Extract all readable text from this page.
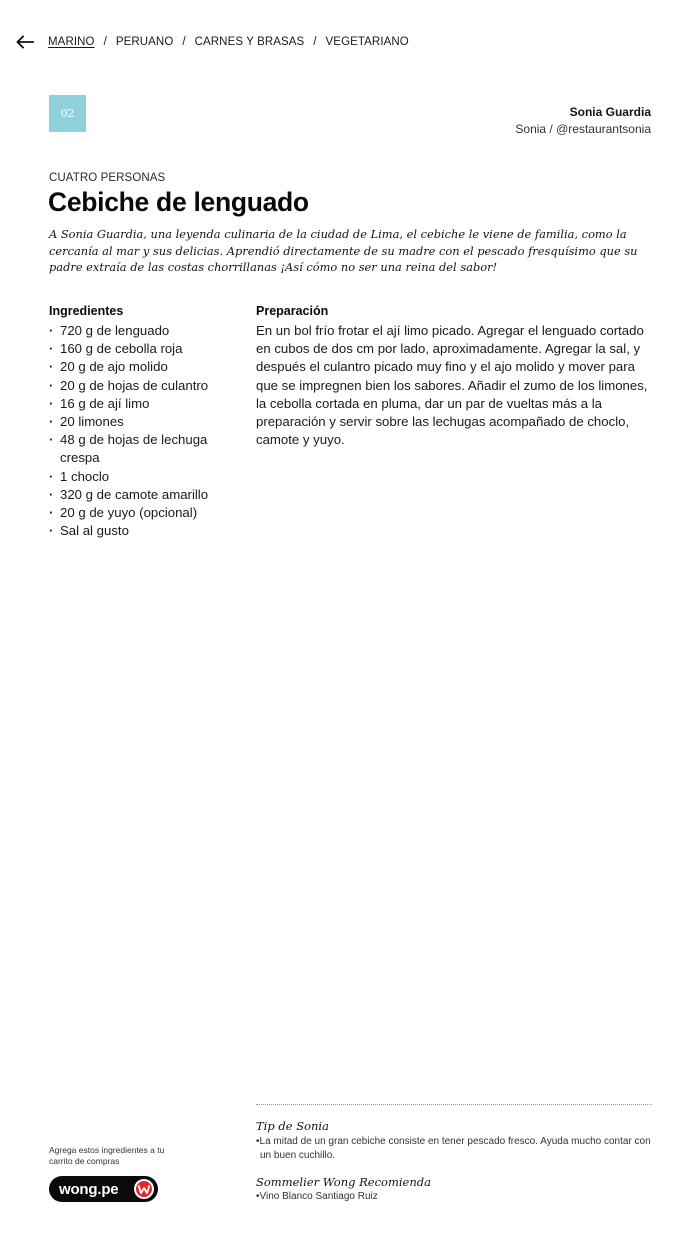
MARINO / PERUANO / CARNES Y BRASAS / VEGETARIANO
02	Sonia Guardia
Sonia / @restaurantsonia
CUATRO PERSONAS
Cebiche de lenguado

A Sonia Guardia, una leyenda culinaria de la ciudad de Lima, el cebiche le viene de familia, como la cercanía al mar y sus delicias. Aprendió directamente de su madre con el pescado fresquísimo que su padre extraía de las costas chorrillanas ¡Así cómo no ser una reina del sabor!

Ingredientes
· 720 g de lenguado
· 160 g de cebolla roja
· 20 g de ajo molido
· 20 g de hojas de culantro
· 16 g de ají limo
· 20 limones
· 48 g de hojas de lechuga crespa
· 1 choclo
· 320 g de camote amarillo
· 20 g de yuyo (opcional)
· Sal al gusto
Preparación

En un bol frío frotar el ají limo picado. Agregar el lenguado cortado en cubos de dos cm por lado, aproximadamente. Agregar la sal, y después el culantro picado muy fino y el ajo molido y mover para que se impregnen bien los sabores. Añadir el zumo de los limones, la cebolla cortada en pluma, dar un par de vueltas más a la preparación y servir sobre las lechugas acompañado de choclo, camote y yuyo.

Tip de Sonia
•La mitad de un gran cebiche consiste en tener pescado fresco. Ayuda mucho contar con un buen cuchillo.
Sommelier Wong Recomienda
•Vino Blanco Santiago Ruiz
Agrega estos ingredientes a tu carrito de compras
wong.pe
